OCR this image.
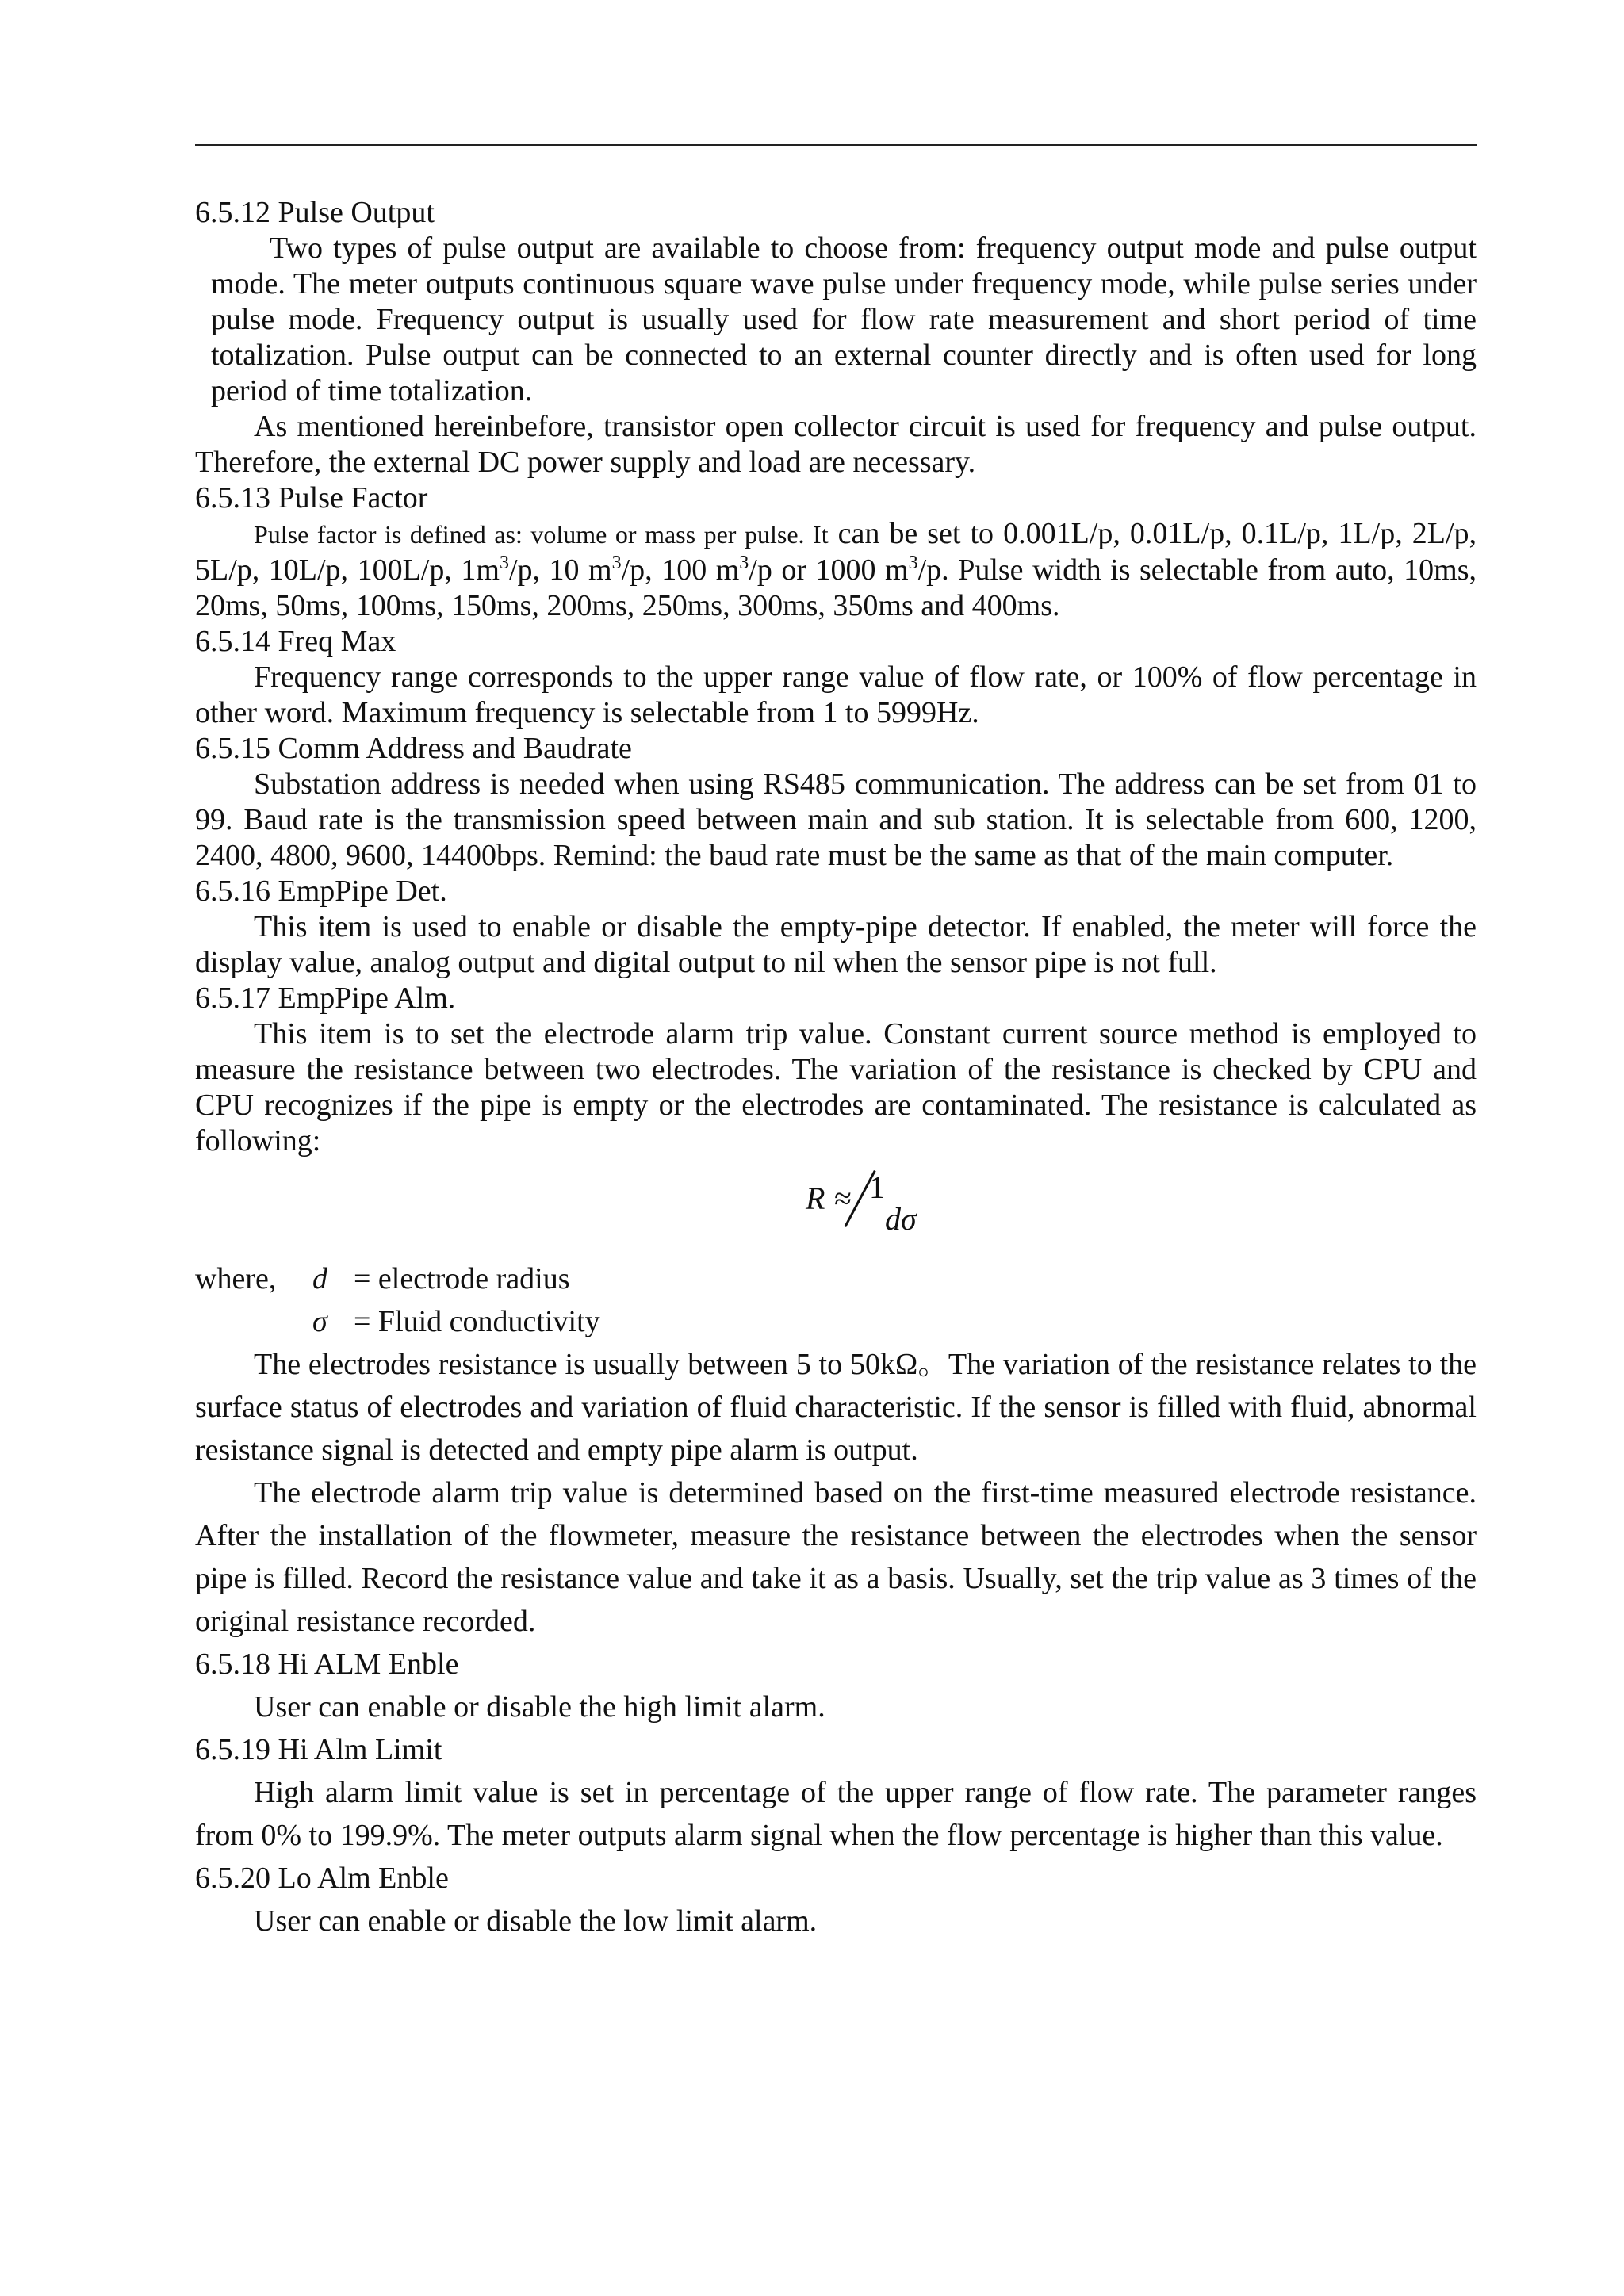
6.5.12 Pulse Output

Two types of pulse output are available to choose from: frequency output mode and pulse output mode. The meter outputs continuous square wave pulse under frequency mode, while pulse series under pulse mode. Frequency output is usually used for flow rate measurement and short period of time totalization. Pulse output can be connected to an external counter directly and is often used for long period of time totalization.

As mentioned hereinbefore, transistor open collector circuit is used for frequency and pulse output. Therefore, the external DC power supply and load are necessary.

6.5.13 Pulse Factor

Pulse factor is defined as: volume or mass per pulse. It can be set to 0.001L/p, 0.01L/p, 0.1L/p, 1L/p, 2L/p, 5L/p, 10L/p, 100L/p, $1m^3/p$, 10 $m^3/p$, 100 $m^3/p$ or 1000 $m^3/p$. Pulse width is selectable from auto, 10ms, 20ms, 50ms, 100ms, 150ms, 200ms, 250ms, 300ms, 350ms and 400ms.

6.5.14 Freq Max

Frequency range corresponds to the upper range value of flow rate, or 100% of flow percentage in other word. Maximum frequency is selectable from 1 to 5999Hz.

6.5.15 Comm Address and Baudrate

Substation address is needed when using RS485 communication. The address can be set from 01 to 99. Baud rate is the transmission speed between main and sub station. It is selectable from 600, 1200, 2400, 4800, 9600, 14400bps. Remind: the baud rate must be the same as that of the main computer.

6.5.16 EmpPipe Det.

This item is used to enable or disable the empty-pipe detector. If enabled, the meter will force the display value, analog output and digital output to nil when the sensor pipe is not full.

6.5.17 EmpPipe Alm.

This item is to set the electrode alarm trip value. Constant current source method is employed to measure the resistance between two electrodes. The variation of the resistance is checked by CPU and CPU recognizes if the pipe is empty or the electrodes are contaminated. The resistance is calculated as following:

R ≈ 1
dσ
where, d = electrode radius
σ = Fluid conductivity

The electrodes resistance is usually between 5 to 50kΩ。The variation of the resistance relates to the surface status of electrodes and variation of fluid characteristic. If the sensor is filled with fluid, abnormal resistance signal is detected and empty pipe alarm is output.

The electrode alarm trip value is determined based on the first-time measured electrode resistance. After the installation of the flowmeter, measure the resistance between the electrodes when the sensor pipe is filled. Record the resistance value and take it as a basis. Usually, set the trip value as 3 times of the original resistance recorded.

6.5.18 Hi ALM Enble

User can enable or disable the high limit alarm.

6.5.19 Hi Alm Limit

High alarm limit value is set in percentage of the upper range of flow rate. The parameter ranges from 0% to 199.9%. The meter outputs alarm signal when the flow percentage is higher than this value.

6.5.20 Lo Alm Enble

User can enable or disable the low limit alarm.
